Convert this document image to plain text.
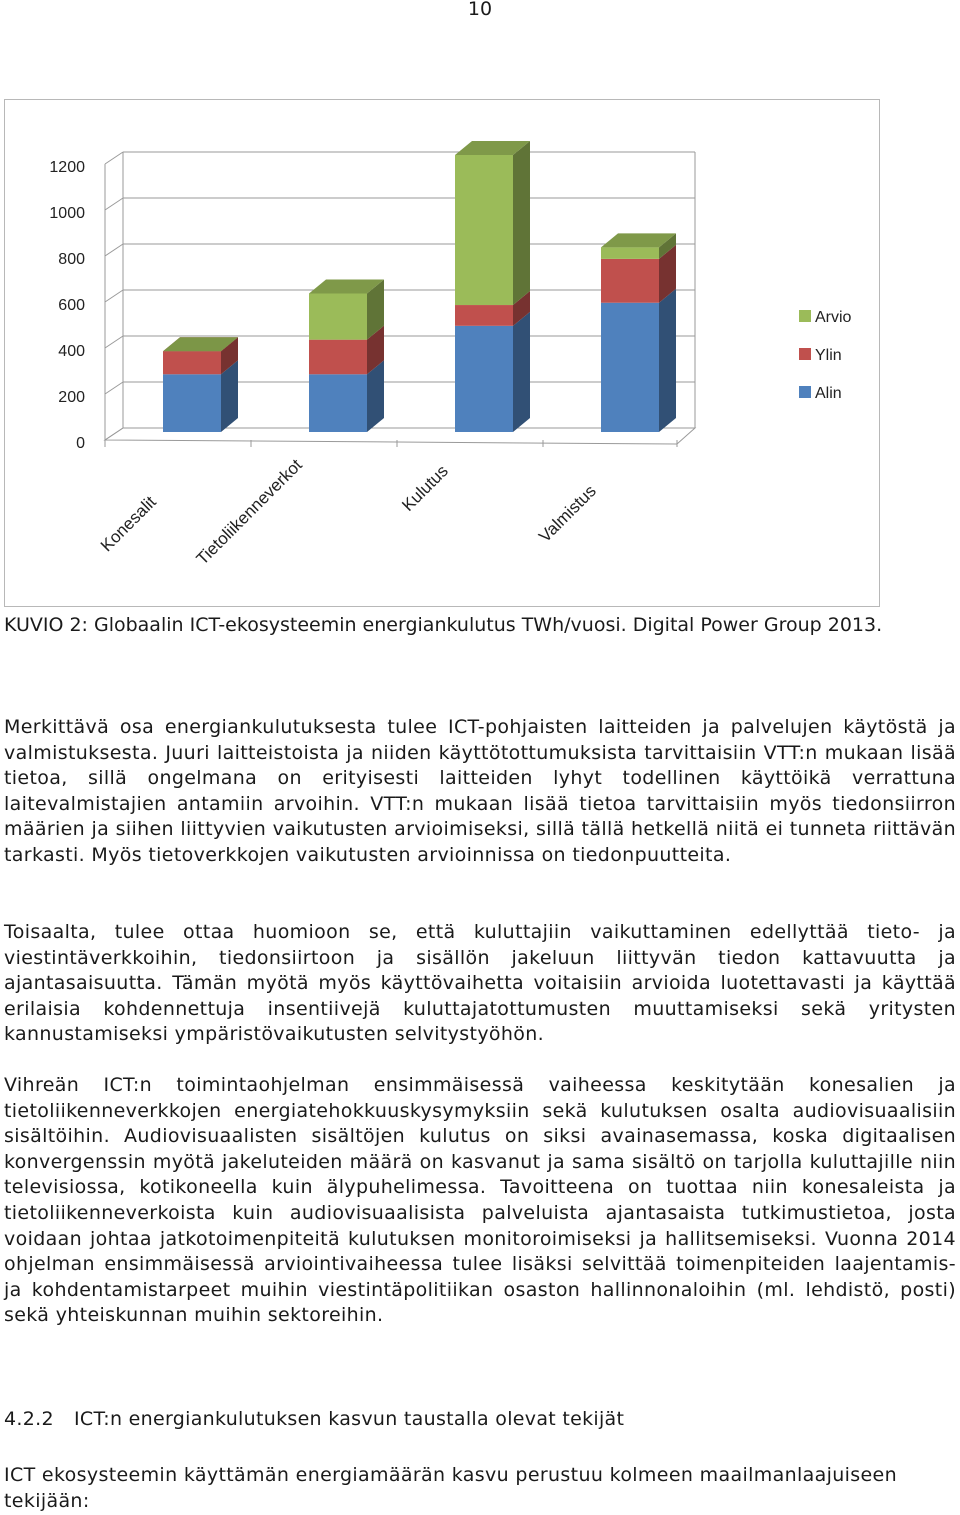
10
0
200
400
600
800
1000
1200
Konesalit Tietoliikenneverkot	Kulutus	Valmistus
Arvio
Ylin
Alin
KUVIO 2: Globaalin ICT-ekosysteemin energiankulutus TWh/vuosi. Digital Power Group 2013.

Merkittävä osa energiankulutuksesta tulee ICT-pohjaisten laitteiden ja palvelujen käytöstä ja valmistuksesta. Juuri laitteistoista ja niiden käyttötottumuksista tarvittaisiin VTT:n mukaan lisää tietoa, sillä ongelmana on erityisesti laitteiden lyhyt todellinen käyttöikä verrattuna laitevalmistajien antamiin arvoihin. VTT:n mukaan lisää tietoa tarvittaisiin myös tiedonsiirron määrien ja siihen liittyvien vaikutusten arvioimiseksi, sillä tällä hetkellä niitä ei tunneta riittävän tarkasti. Myös tietoverkkojen vaikutusten arvioinnissa on tiedonpuutteita.

Toisaalta, tulee ottaa huomioon se, että kuluttajiin vaikuttaminen edellyttää tieto- ja viestintäverkkoihin, tiedonsiirtoon ja sisällön jakeluun liittyvän tiedon kattavuutta ja ajantasaisuutta. Tämän myötä myös käyttövaihetta voitaisiin arvioida luotettavasti ja käyttää erilaisia kohdennettuja insentiivejä kuluttajatottumusten muuttamiseksi sekä yritysten kannustamiseksi ympäristövaikutusten selvitystyöhön.

Vihreän ICT:n toimintaohjelman ensimmäisessä vaiheessa keskitytään konesalien ja tietoliikenneverkkojen energiatehokkuuskysymyksiin sekä kulutuksen osalta audiovisuaalisiin sisältöihin. Audiovisuaalisten sisältöjen kulutus on siksi avainasemassa, koska digitaalisen konvergenssin myötä jakeluteiden määrä on kasvanut ja sama sisältö on tarjolla kuluttajille niin televisiossa, kotikoneella kuin älypuhelimessa. Tavoitteena on tuottaa niin konesaleista ja tietoliikenneverkoista kuin audiovisuaalisista palveluista ajantasaista tutkimustietoa, josta voidaan johtaa jatkotoimenpiteitä kulutuksen monitoroimiseksi ja hallitsemiseksi. Vuonna 2014 ohjelman ensimmäisessä arviointivaiheessa tulee lisäksi selvittää toimenpiteiden laajentamis- ja kohdentamistarpeet muihin viestintäpolitiikan osaston hallinnonaloihin (ml. lehdistö, posti) sekä yhteiskunnan muihin sektoreihin.

4.2.2 ICT:n energiankulutuksen kasvun taustalla olevat tekijät

ICT ekosysteemin käyttämän energiamäärän kasvu perustuu kolmeen maailmanlaajuiseen tekijään:
